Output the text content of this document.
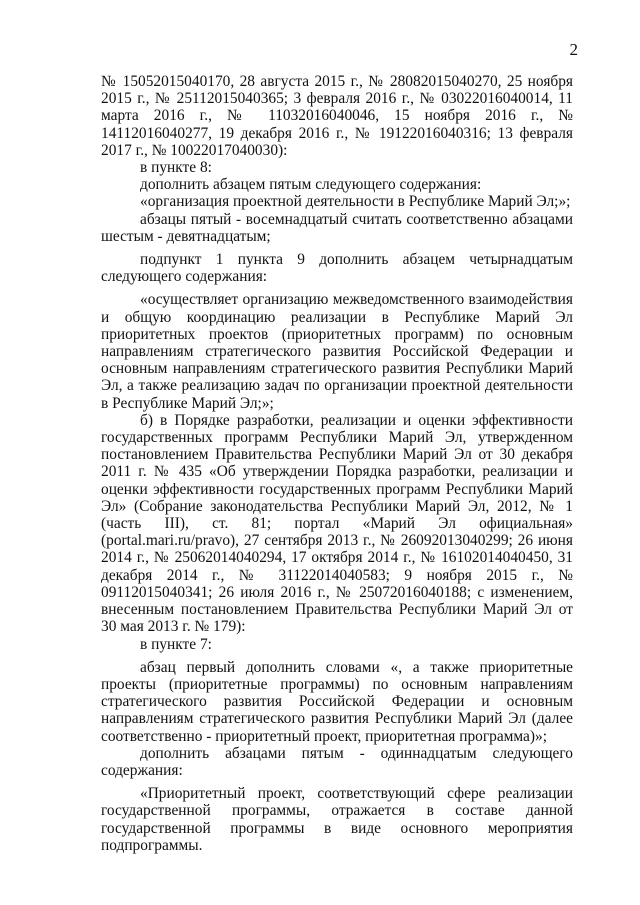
2

№ 15052015040170, 28 августа 2015 г., № 28082015040270, 25 ноября 2015 г., № 25112015040365; 3 февраля 2016 г., № 03022016040014, 11 марта 2016 г., № 11032016040046, 15 ноября 2016 г., № 14112016040277, 19 декабря 2016 г., № 19122016040316; 13 февраля 2017 г., № 10022017040030):

в пункте 8:

дополнить абзацем пятым следующего содержания:

«организация проектной деятельности в Республике Марий Эл;»;

абзацы пятый - восемнадцатый считать соответственно абзацами шестым - девятнадцатым;

подпункт 1 пункта 9 дополнить абзацем четырнадцатым следующего содержания:

«осуществляет организацию межведомственного взаимодействия и общую координацию реализации в Республике Марий Эл приоритетных проектов (приоритетных программ) по основным направлениям стратегического развития Российской Федерации и основным направлениям стратегического развития Республики Марий Эл, а также реализацию задач по организации проектной деятельности в Республике Марий Эл;»;

б) в Порядке разработки, реализации и оценки эффективности государственных программ Республики Марий Эл, утвержденном постановлением Правительства Республики Марий Эл от 30 декабря 2011 г. № 435 «Об утверждении Порядка разработки, реализации и оценки эффективности государственных программ Республики Марий Эл» (Собрание законодательства Республики Марий Эл, 2012, № 1 (часть III), ст. 81; портал «Марий Эл официальная» (portal.mari.ru/pravo), 27 сентября 2013 г., № 26092013040299; 26 июня 2014 г., № 25062014040294, 17 октября 2014 г., № 16102014040450, 31 декабря 2014 г., № 31122014040583; 9 ноября 2015 г., № 09112015040341; 26 июля 2016 г., № 25072016040188; с изменением, внесенным постановлением Правительства Республики Марий Эл от 30 мая 2013 г. № 179):

в пункте 7:

абзац первый дополнить словами «, а также приоритетные проекты (приоритетные программы) по основным направлениям стратегического развития Российской Федерации и основным направлениям стратегического развития Республики Марий Эл (далее соответственно - приоритетный проект, приоритетная программа)»;

дополнить абзацами пятым - одиннадцатым следующего содержания:

«Приоритетный проект, соответствующий сфере реализации государственной программы, отражается в составе данной государственной программы в виде основного мероприятия подпрограммы.
